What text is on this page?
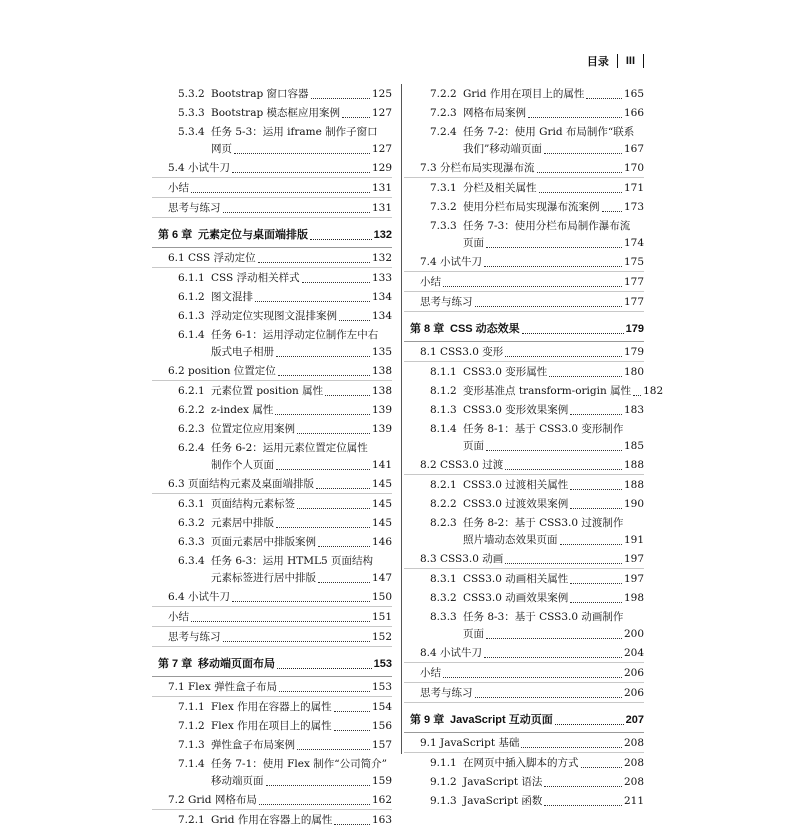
目录 III
5.3.2 Bootstrap 窗口容器	125
5.3.3 Bootstrap 模态框应用案例	127
5.3.4 任务 5-3：运用 iframe 制作子窗口
网页	127
5.4 小试牛刀	129
小结	131
思考与练习	131
第 6 章 元素定位与桌面端排版	132
6.1 CSS 浮动定位	132
6.1.1 CSS 浮动相关样式	133
6.1.2 图文混排	134
6.1.3 浮动定位实现图文混排案例	134
6.1.4 任务 6-1：运用浮动定位制作左中右
版式电子相册	135
6.2 position 位置定位	138
6.2.1 元素位置 position 属性	138
6.2.2 z-index 属性	139
6.2.3 位置定位应用案例	139
6.2.4 任务 6-2：运用元素位置定位属性
制作个人页面	141
6.3 页面结构元素及桌面端排版	145
6.3.1 页面结构元素标签	145
6.3.2 元素居中排版	145
6.3.3 页面元素居中排版案例	146
6.3.4 任务 6-3：运用 HTML5 页面结构
元素标签进行居中排版	147
6.4 小试牛刀	150
小结	151
思考与练习	152
第 7 章 移动端页面布局	153
7.1 Flex 弹性盒子布局	153
7.1.1 Flex 作用在容器上的属性	154
7.1.2 Flex 作用在项目上的属性	156
7.1.3 弹性盒子布局案例	157
7.1.4 任务 7-1：使用 Flex 制作“公司简介”
移动端页面	159
7.2 Grid 网格布局	162
7.2.1 Grid 作用在容器上的属性	163
7.2.2 Grid 作用在项目上的属性	165
7.2.3 网格布局案例	166
7.2.4 任务 7-2：使用 Grid 布局制作“联系
我们”移动端页面	167
7.3 分栏布局实现瀑布流	170
7.3.1 分栏及相关属性	171
7.3.2 使用分栏布局实现瀑布流案例 173
7.3.3 任务 7-3：使用分栏布局制作瀑布流
页面	174
7.4 小试牛刀	175
小结	177
思考与练习	177
第 8 章 CSS 动态效果	179
8.1 CSS3.0 变形	179
8.1.1 CSS3.0 变形属性	180
8.1.2 变形基准点 transform-origin 属性 182
8.1.3 CSS3.0 变形效果案例	183
8.1.4 任务 8-1：基于 CSS3.0 变形制作
页面	185
8.2 CSS3.0 过渡	188
8.2.1 CSS3.0 过渡相关属性	188
8.2.2 CSS3.0 过渡效果案例	190
8.2.3 任务 8-2：基于 CSS3.0 过渡制作
照片墙动态效果页面	191
8.3 CSS3.0 动画	197
8.3.1 CSS3.0 动画相关属性	197
8.3.2 CSS3.0 动画效果案例	198
8.3.3 任务 8-3：基于 CSS3.0 动画制作
页面	200
8.4 小试牛刀	204
小结	206
思考与练习	206
第 9 章 JavaScript 互动页面	207
9.1 JavaScript 基础	208
9.1.1 在网页中插入脚本的方式	208
9.1.2 JavaScript 语法	208
9.1.3 JavaScript 函数	211
